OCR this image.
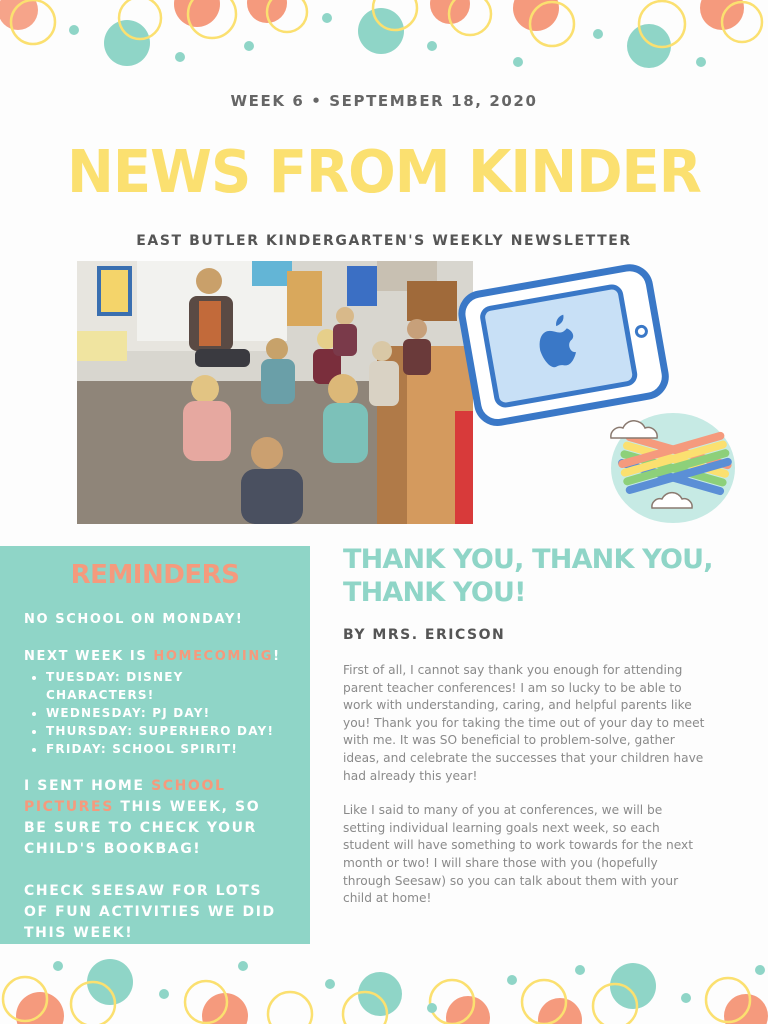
WEEK 6 • SEPTEMBER 18, 2020
NEWS FROM KINDER
EAST BUTLER KINDERGARTEN'S WEEKLY NEWSLETTER
REMINDERS

NO SCHOOL ON MONDAY!

NEXT WEEK IS HOMECOMING!

• TUESDAY: DISNEY CHARACTERS!
• WEDNESDAY: PJ DAY!
• THURSDAY: SUPERHERO DAY!
• FRIDAY: SCHOOL SPIRIT!

I SENT HOME SCHOOL PICTURES THIS WEEK, SO BE SURE TO CHECK YOUR CHILD'S BOOKBAG!

CHECK SEESAW FOR LOTS OF FUN ACTIVITIES WE DID THIS WEEK!

THANK YOU, THANK YOU, THANK YOU!

BY MRS. ERICSON

First of all, I cannot say thank you enough for attending parent teacher conferences! I am so lucky to be able to work with understanding, caring, and helpful parents like you! Thank you for taking the time out of your day to meet with me. It was SO beneficial to problem-solve, gather ideas, and celebrate the successes that your children have had already this year!

Like I said to many of you at conferences, we will be setting individual learning goals next week, so each student will have something to work towards for the next month or two! I will share those with you (hopefully through Seesaw) so you can talk about them with your child at home!
